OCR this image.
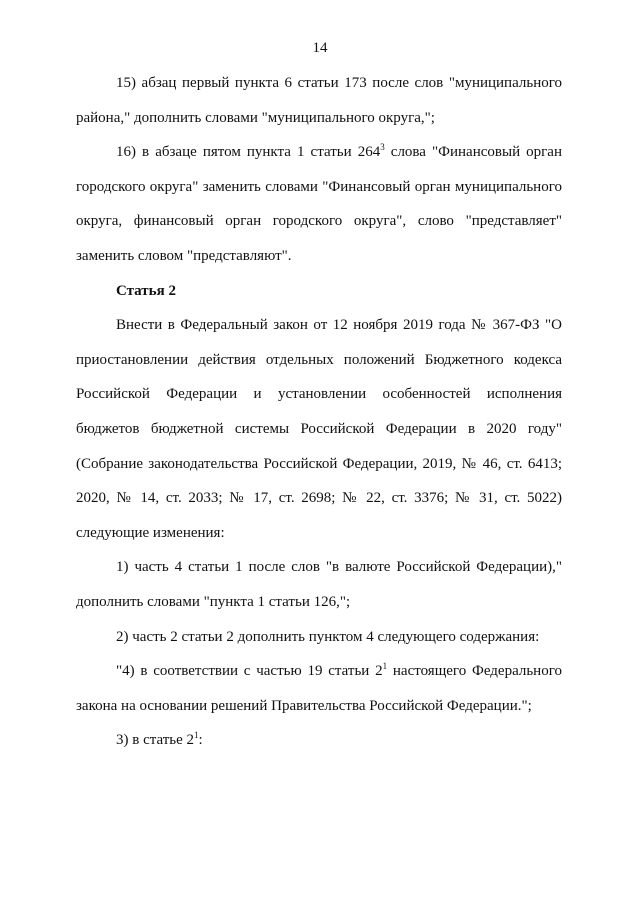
14

15) абзац первый пункта 6 статьи 173 после слов "муниципального района," дополнить словами "муниципального округа,";

16) в абзаце пятом пункта 1 статьи $264^3$ слова "Финансовый орган городского округа" заменить словами "Финансовый орган муниципального округа, финансовый орган городского округа", слово "представляет" заменить словом "представляют".

Статья 2

Внести в Федеральный закон от 12 ноября 2019 года № 367-ФЗ "О приостановлении действия отдельных положений Бюджетного кодекса Российской Федерации и установлении особенностей исполнения бюджетов бюджетной системы Российской Федерации в 2020 году" (Собрание законодательства Российской Федерации, 2019, № 46, ст. 6413; 2020, № 14, ст. 2033; № 17, ст. 2698; № 22, ст. 3376; № 31, ст. 5022) следующие изменения:

1) часть 4 статьи 1 после слов "в валюте Российской Федерации)," дополнить словами "пункта 1 статьи 126,";

2) часть 2 статьи 2 дополнить пунктом 4 следующего содержания:

"4) в соответствии с частью 19 статьи $2^1$ настоящего Федерального закона на основании решений Правительства Российской Федерации.";

3) в статье $2^1$:
